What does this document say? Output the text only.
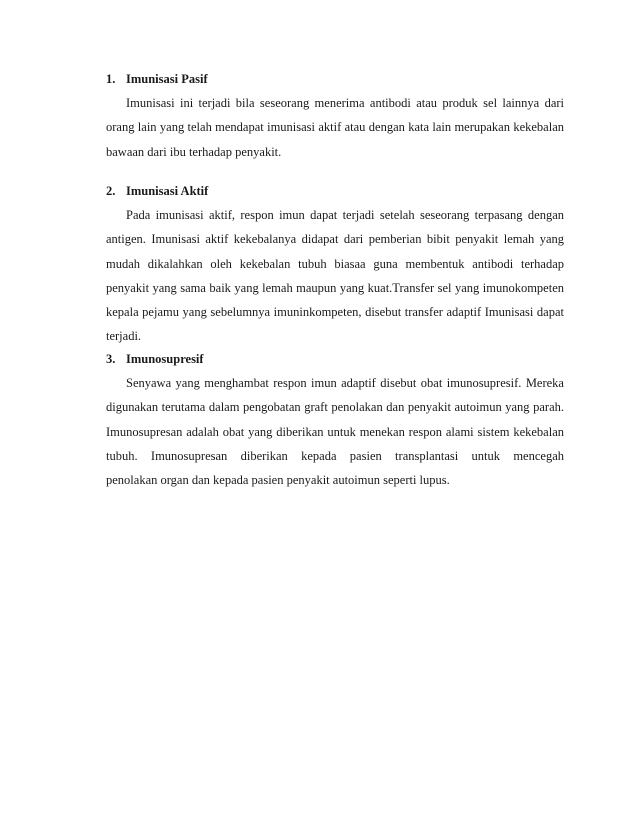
1. Imunisasi Pasif
Imunisasi ini terjadi bila seseorang menerima antibodi atau produk sel lainnya dari
orang lain yang telah mendapat imunisasi aktif atau dengan kata lain merupakan kekebalan
bawaan dari ibu terhadap penyakit.
2. Imunisasi Aktif
Pada imunisasi aktif, respon imun dapat terjadi setelah seseorang terpasang dengan
antigen. Imunisasi aktif kekebalanya didapat dari pemberian bibit penyakit lemah yang
mudah dikalahkan oleh kekebalan tubuh biasaa guna membentuk antibodi terhadap
penyakit yang sama baik yang lemah maupun yang kuat.Transfer sel yang imunokompeten
kepala pejamu yang sebelumnya imuninkompeten, disebut transfer adaptif Imunisasi dapat
terjadi.
3. Imunosupresif
Senyawa yang menghambat respon imun adaptif disebut obat imunosupresif. Mereka
digunakan terutama dalam pengobatan graft penolakan dan penyakit autoimun yang parah.
Imunosupresan adalah obat yang diberikan untuk menekan respon alami sistem kekebalan
tubuh. Imunosupresan diberikan kepada pasien transplantasi untuk mencegah
penolakan organ dan kepada pasien penyakit autoimun seperti lupus.
